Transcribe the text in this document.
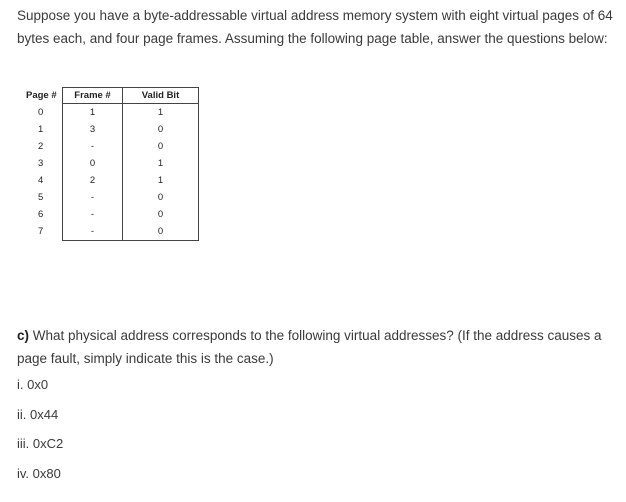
Suppose you have a byte-addressable virtual address memory system with eight virtual pages of 64 bytes each, and four page frames. Assuming the following page table, answer the questions below:

Page #	Frame #	Valid Bit
0	1	1
1	3	0
2	-	0
3	0	1
4	2	1
5	-	0
6	-	0
7	-	0

c) What physical address corresponds to the following virtual addresses? (If the address causes a page fault, simply indicate this is the case.)

i. 0x0
ii. 0x44
iii. 0xC2
iv. 0x80
